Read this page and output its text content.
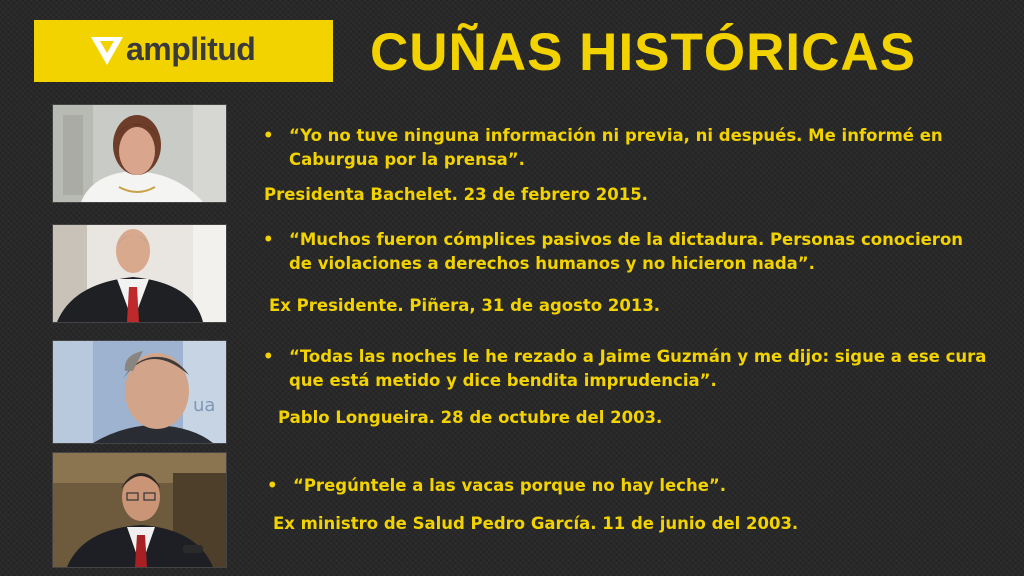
amplitud CUÑAS HISTÓRICAS
ua
• “Yo no tuve ninguna información ni previa, ni después. Me informé en Caburgua por la prensa”.
Presidenta Bachelet. 23 de febrero 2015.
• “Muchos fueron cómplices pasivos de la dictadura. Personas conocieron de violaciones a derechos humanos y no hicieron nada”.
Ex Presidente. Piñera, 31 de agosto 2013.
• “Todas las noches le he rezado a Jaime Guzmán y me dijo: sigue a ese cura que está metido y dice bendita imprudencia”.
Pablo Longueira. 28 de octubre del 2003.
• “Pregúntele a las vacas porque no hay leche”.
Ex ministro de Salud Pedro García. 11 de junio del 2003.
